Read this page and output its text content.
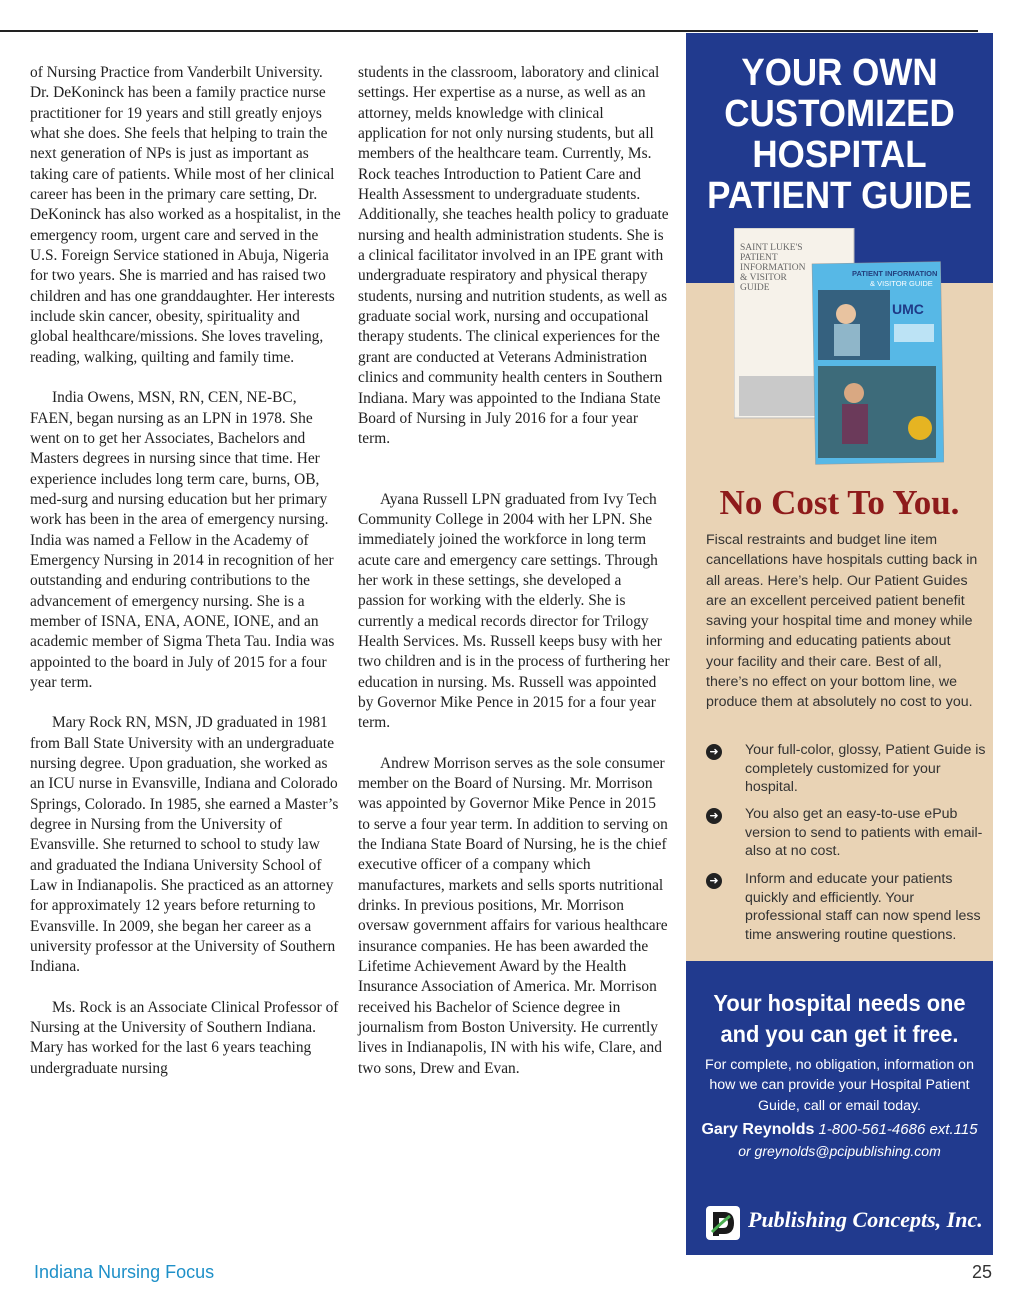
of Nursing Practice from Vanderbilt University. Dr. DeKoninck has been a family practice nurse practitioner for 19 years and still greatly enjoys what she does. She feels that helping to train the next generation of NPs is just as important as taking care of patients. While most of her clinical career has been in the primary care setting, Dr. DeKoninck has also worked as a hospitalist, in the emergency room, urgent care and served in the U.S. Foreign Service stationed in Abuja, Nigeria for two years. She is married and has raised two children and has one granddaughter. Her interests include skin cancer, obesity, spirituality and global healthcare/missions. She loves traveling, reading, walking, quilting and family time.

India Owens, MSN, RN, CEN, NE-BC, FAEN, began nursing as an LPN in 1978. She went on to get her Associates, Bachelors and Masters degrees in nursing since that time. Her experience includes long term care, burns, OB, med-surg and nursing education but her primary work has been in the area of emergency nursing. India was named a Fellow in the Academy of Emergency Nursing in 2014 in recognition of her outstanding and enduring contributions to the advancement of emergency nursing. She is a member of ISNA, ENA, AONE, IONE, and an academic member of Sigma Theta Tau. India was appointed to the board in July of 2015 for a four year term.

Mary Rock RN, MSN, JD graduated in 1981 from Ball State University with an undergraduate nursing degree. Upon graduation, she worked as an ICU nurse in Evansville, Indiana and Colorado Springs, Colorado. In 1985, she earned a Master’s degree in Nursing from the University of Evansville. She returned to school to study law and graduated the Indiana University School of Law in Indianapolis. She practiced as an attorney for approximately 12 years before returning to Evansville. In 2009, she began her career as a university professor at the University of Southern Indiana.

Ms. Rock is an Associate Clinical Professor of Nursing at the University of Southern Indiana. Mary has worked for the last 6 years teaching undergraduate nursing

students in the classroom, laboratory and clinical settings. Her expertise as a nurse, as well as an attorney, melds knowledge with clinical application for not only nursing students, but all members of the healthcare team. Currently, Ms. Rock teaches Introduction to Patient Care and Health Assessment to undergraduate students. Additionally, she teaches health policy to graduate nursing and health administration students. She is a clinical facilitator involved in an IPE grant with undergraduate respiratory and physical therapy students, nursing and nutrition students, as well as graduate social work, nursing and occupational therapy students. The clinical experiences for the grant are conducted at Veterans Administration clinics and community health centers in Southern Indiana. Mary was appointed to the Indiana State Board of Nursing in July 2016 for a four year term.

Ayana Russell LPN graduated from Ivy Tech Community College in 2004 with her LPN. She immediately joined the workforce in long term acute care and emergency care settings. Through her work in these settings, she developed a passion for working with the elderly. She is currently a medical records director for Trilogy Health Services. Ms. Russell keeps busy with her two children and is in the process of furthering her education in nursing. Ms. Russell was appointed by Governor Mike Pence in 2015 for a four year term.

Andrew Morrison serves as the sole consumer member on the Board of Nursing. Mr. Morrison was appointed by Governor Mike Pence in 2015 to serve a four year term. In addition to serving on the Indiana State Board of Nursing, he is the chief executive officer of a company which manufactures, markets and sells sports nutritional drinks. In previous positions, Mr. Morrison oversaw government affairs for various healthcare insurance companies. He has been awarded the Lifetime Achievement Award by the Health Insurance Association of America. Mr. Morrison received his Bachelor of Science degree in journalism from Boston University. He currently lives in Indianapolis, IN with his wife, Clare, and two sons, Drew and Evan.

Indiana Nursing Focus	25
YOUR OWN CUSTOMIZED HOSPITAL PATIENT GUIDE
SAINT LUKE'S PATIENT INFORMATION & VISITOR GUIDE
PATIENT INFORMATION
& VISITOR GUIDE
UMC
No Cost To You.
Fiscal restraints and budget line item cancellations have hospitals cutting back in all areas. Here’s help. Our Patient Guides are an excellent perceived patient benefit saving your hospital time and money while informing and educating patients about your facility and their care. Best of all, there’s no effect on your bottom line, we produce them at absolutely no cost to you.
➜ Your full-color, glossy, Patient Guide is completely customized for your hospital.
➜ You also get an easy-to-use ePub version to send to patients with email-also at no cost.
➜ Inform and educate your patients quickly and efficiently. Your professional staff can now spend less time answering routine questions.
Your hospital needs one and you can get it free.
For complete, no obligation, information on how we can provide your Hospital Patient Guide, call or email today.
Gary Reynolds 1-800-561-4686 ext.115
or greynolds@pcipublishing.com
Publishing Concepts, Inc.
